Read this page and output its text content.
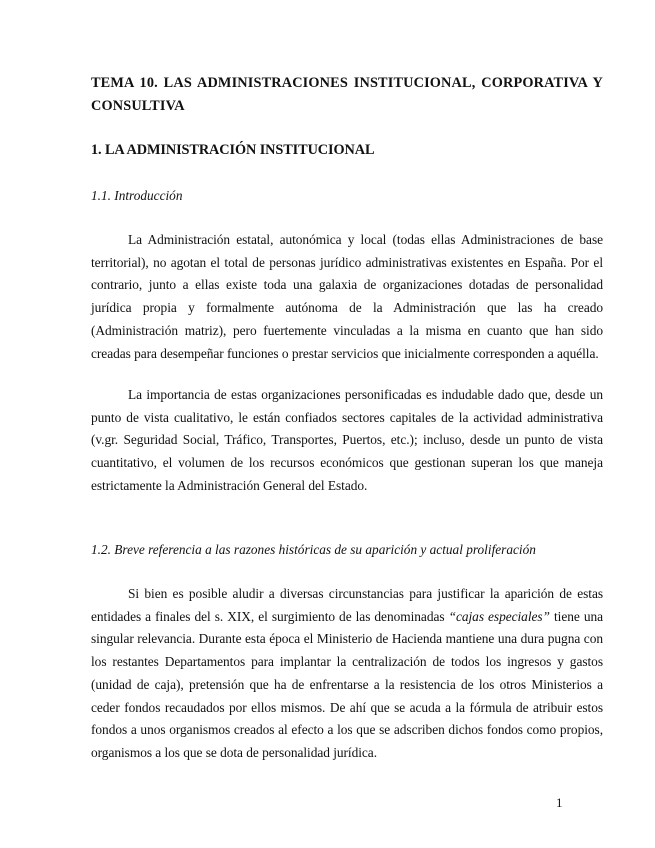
TEMA 10. LAS ADMINISTRACIONES INSTITUCIONAL, CORPORATIVA Y CONSULTIVA

1. LA ADMINISTRACIÓN INSTITUCIONAL

1.1. Introducción

La Administración estatal, autonómica y local (todas ellas Administraciones de base territorial), no agotan el total de personas jurídico administrativas existentes en España. Por el contrario, junto a ellas existe toda una galaxia de organizaciones dotadas de personalidad jurídica propia y formalmente autónoma de la Administración que las ha creado (Administración matriz), pero fuertemente vinculadas a la misma en cuanto que han sido creadas para desempeñar funciones o prestar servicios que inicialmente corresponden a aquélla.

La importancia de estas organizaciones personificadas es indudable dado que, desde un punto de vista cualitativo, le están confiados sectores capitales de la actividad administrativa (v.gr. Seguridad Social, Tráfico, Transportes, Puertos, etc.); incluso, desde un punto de vista cuantitativo, el volumen de los recursos económicos que gestionan superan los que maneja estrictamente la Administración General del Estado.

1.2. Breve referencia a las razones históricas de su aparición y actual proliferación

Si bien es posible aludir a diversas circunstancias para justificar la aparición de estas entidades a finales del s. XIX, el surgimiento de las denominadas “cajas especiales” tiene una singular relevancia. Durante esta época el Ministerio de Hacienda mantiene una dura pugna con los restantes Departamentos para implantar la centralización de todos los ingresos y gastos (unidad de caja), pretensión que ha de enfrentarse a la resistencia de los otros Ministerios a ceder fondos recaudados por ellos mismos. De ahí que se acuda a la fórmula de atribuir estos fondos a unos organismos creados al efecto a los que se adscriben dichos fondos como propios, organismos a los que se dota de personalidad jurídica.

1
